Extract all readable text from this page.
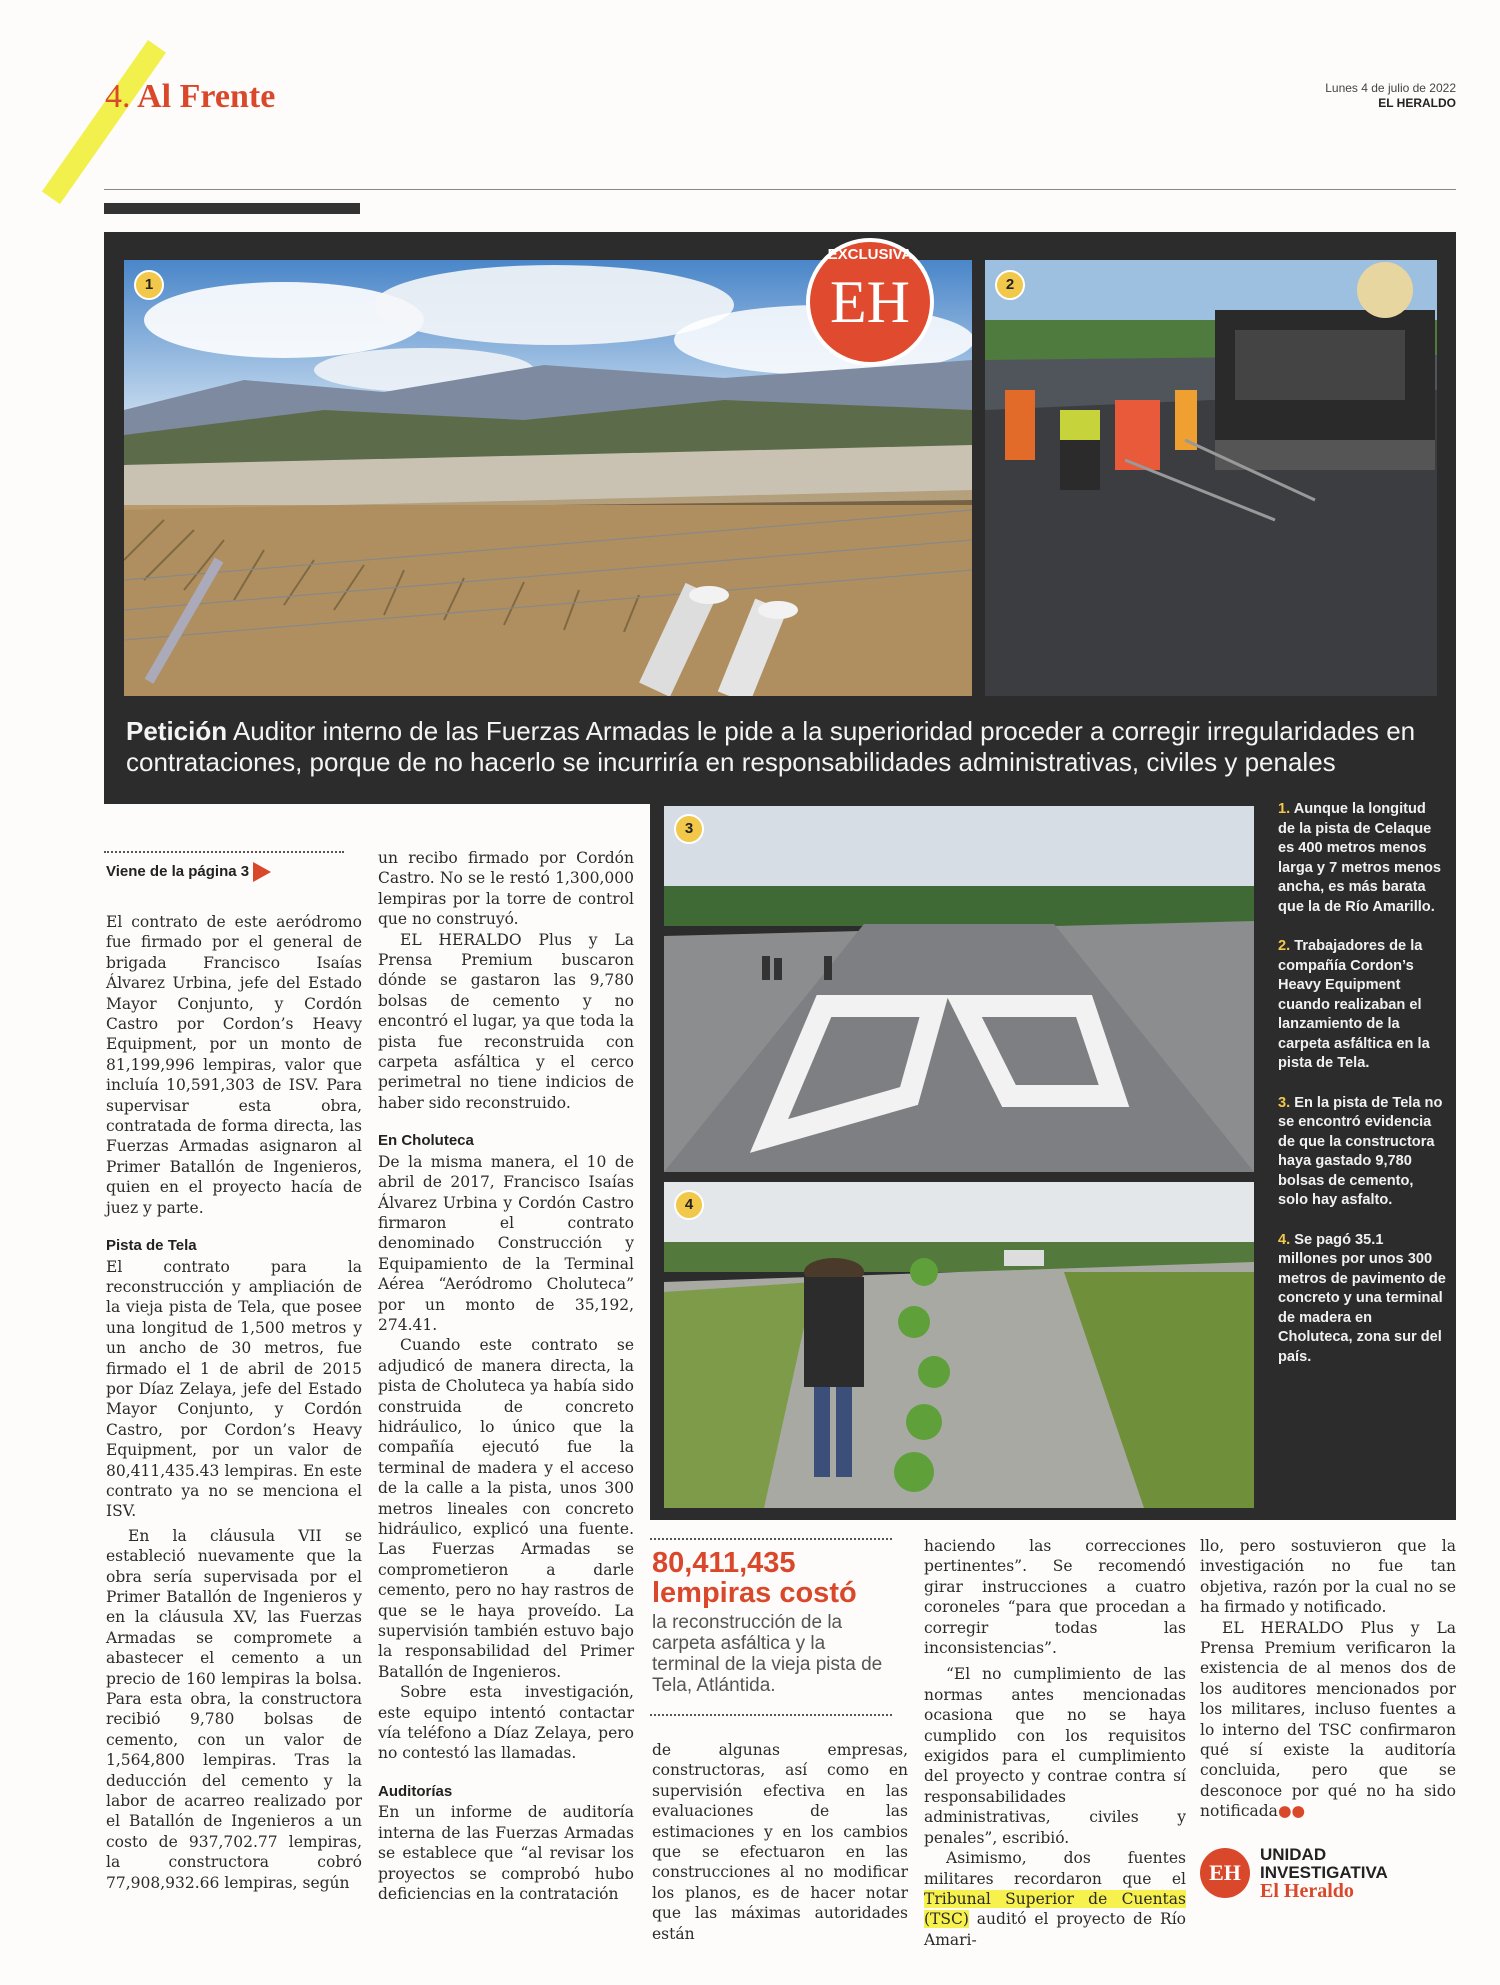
4. Al Frente	Lunes 4 de julio de 2022
EL HERALDO
1	2
EXCLUSIVA
EH
Petición Auditor interno de las Fuerzas Armadas le pide a la superioridad proceder a corregir irregularidades en contrataciones, porque de no hacerlo se incurriría en responsabilidades administrativas, civiles y penales
3
4

1. Aunque la longitud de la pista de Celaque es 400 metros menos larga y 7 metros menos ancha, es más barata que la de Río Amarillo.

2. Trabajadores de la compañía Cordon’s Heavy Equipment cuando realizaban el lanzamiento de la carpeta asfáltica en la pista de Tela.

3. En la pista de Tela no se encontró evidencia de que la constructora haya gastado 9,780 bolsas de cemento, solo hay asfalto.

4. Se pagó 35.1 millones por unos 300 metros de pavimento de concreto y una terminal de madera en Choluteca, zona sur del país.

Viene de la página 3

El contrato de este aeródromo fue firmado por el general de brigada Francisco Isaías Álvarez Urbina, jefe del Estado Mayor Conjunto, y Cordón Castro por Cordon’s Heavy Equipment, por un monto de 81,199,996 lempiras, valor que incluía 10,591,303 de ISV. Para supervisar esta obra, contratada de forma directa, las Fuerzas Armadas asignaron al Primer Batallón de Ingenieros, quien en el proyecto hacía de juez y parte.

Pista de Tela

El contrato para la reconstrucción y ampliación de la vieja pista de Tela, que posee una longitud de 1,500 metros y un ancho de 30 metros, fue firmado el 1 de abril de 2015 por Díaz Zelaya, jefe del Estado Mayor Conjunto, y Cordón Castro, por Cordon’s Heavy Equipment, por un valor de 80,411,435.43 lempiras. En este contrato ya no se menciona el ISV.

En la cláusula VII se estableció nuevamente que la obra sería supervisada por el Primer Batallón de Ingenieros y en la cláusula XV, las Fuerzas Armadas se compromete a abastecer el cemento a un precio de 160 lempiras la bolsa. Para esta obra, la constructora recibió 9,780 bolsas de cemento, con un valor de 1,564,800 lempiras. Tras la deducción del cemento y la labor de acarreo realizado por el Batallón de Ingenieros a un costo de 937,702.77 lempiras, la constructora cobró 77,908,932.66 lempiras, según

un recibo firmado por Cordón Castro. No se le restó 1,300,000 lempiras por la torre de control que no construyó.

EL HERALDO Plus y La Prensa Premium buscaron dónde se gastaron las 9,780 bolsas de cemento y no encontró el lugar, ya que toda la pista fue reconstruida con carpeta asfáltica y el cerco perimetral no tiene indicios de haber sido reconstruido.

En Choluteca

De la misma manera, el 10 de abril de 2017, Francisco Isaías Álvarez Urbina y Cordón Castro firmaron el contrato denominado Construcción y Equipamiento de la Terminal Aérea “Aeródromo Choluteca” por un monto de 35,192, 274.41.

Cuando este contrato se adjudicó de manera directa, la pista de Choluteca ya había sido construida de concreto hidráulico, lo único que la compañía ejecutó fue la terminal de madera y el acceso de la calle a la pista, unos 300 metros lineales con concreto hidráulico, explicó una fuente. Las Fuerzas Armadas se comprometieron a darle cemento, pero no hay rastros de que se le haya proveído. La supervisión también estuvo bajo la responsabilidad del Primer Batallón de Ingenieros.

Sobre esta investigación, este equipo intentó contactar vía teléfono a Díaz Zelaya, pero no contestó las llamadas.

Auditorías

En un informe de auditoría interna de las Fuerzas Armadas se establece que “al revisar los proyectos se comprobó hubo deficiencias en la contratación

80,411,435
lempiras costó
la reconstrucción de la carpeta asfáltica y la terminal de la vieja pista de Tela, Atlántida.

de algunas empresas, constructoras, así como en supervisión efectiva en las evaluaciones de las estimaciones y en los cambios que se efectuaron en las construcciones al no modificar los planos, es de hacer notar que las máximas autoridades están

haciendo las correcciones pertinentes”. Se recomendó girar instrucciones a cuatro coroneles “para que procedan a corregir todas las inconsistencias”.

“El no cumplimiento de las normas antes mencionadas ocasiona que no se haya cumplido con los requisitos exigidos para el cumplimiento del proyecto y contrae contra sí responsabilidades administrativas, civiles y penales”, escribió.

Asimismo, dos fuentes militares recordaron que el Tribunal Superior de Cuentas (TSC) auditó el proyecto de Río Amari-

llo, pero sostuvieron que la investigación no fue tan objetiva, razón por la cual no se ha firmado y notificado.

EL HERALDO Plus y La Prensa Premium verificaron la existencia de al menos dos de los auditores mencionados por los militares, incluso fuentes a lo interno del TSC confirmaron qué sí existe la auditoría concluida, pero que se desconoce por qué no ha sido notificada●●

EH
UNIDAD
INVESTIGATIVA
El Heraldo
